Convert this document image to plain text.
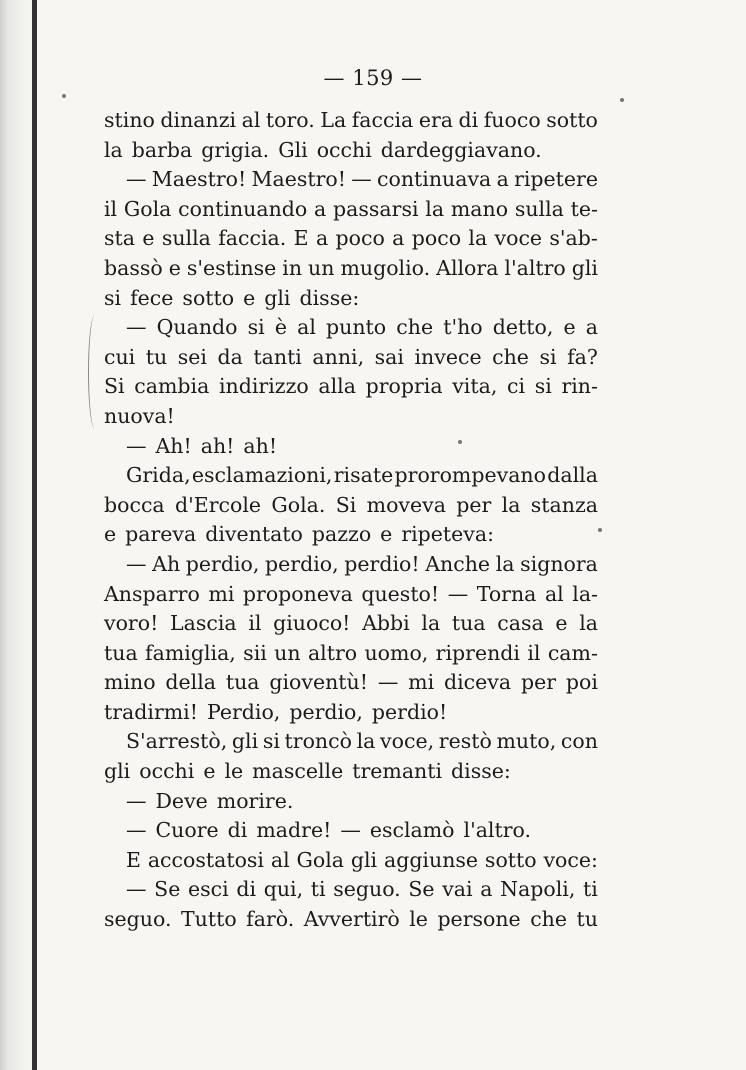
— 159 —
stino dinanzi al toro. La faccia era di fuoco sotto
la barba grigia. Gli occhi dardeggiavano.
— Maestro! Maestro! — continuava a ripetere
il Gola continuando a passarsi la mano sulla te-
sta e sulla faccia. E a poco a poco la voce s'ab-
bassò e s'estinse in un mugolio. Allora l'altro gli
si fece sotto e gli disse:
— Quando si è al punto che t'ho detto, e a
cui tu sei da tanti anni, sai invece che si fa?
Si cambia indirizzo alla propria vita, ci si rin-
nuova!
— Ah! ah! ah!
Grida, esclamazioni, risate prorompevano dalla
bocca d'Ercole Gola. Si moveva per la stanza
e pareva diventato pazzo e ripeteva:
— Ah perdio, perdio, perdio! Anche la signora
Ansparro mi proponeva questo! — Torna al la-
voro! Lascia il giuoco! Abbi la tua casa e la
tua famiglia, sii un altro uomo, riprendi il cam-
mino della tua gioventù! — mi diceva per poi
tradirmi! Perdio, perdio, perdio!
S'arrestò, gli si troncò la voce, restò muto, con
gli occhi e le mascelle tremanti disse:
— Deve morire.
— Cuore di madre! — esclamò l'altro.
E accostatosi al Gola gli aggiunse sotto voce:
— Se esci di qui, ti seguo. Se vai a Napoli, ti
seguo. Tutto farò. Avvertirò le persone che tu
